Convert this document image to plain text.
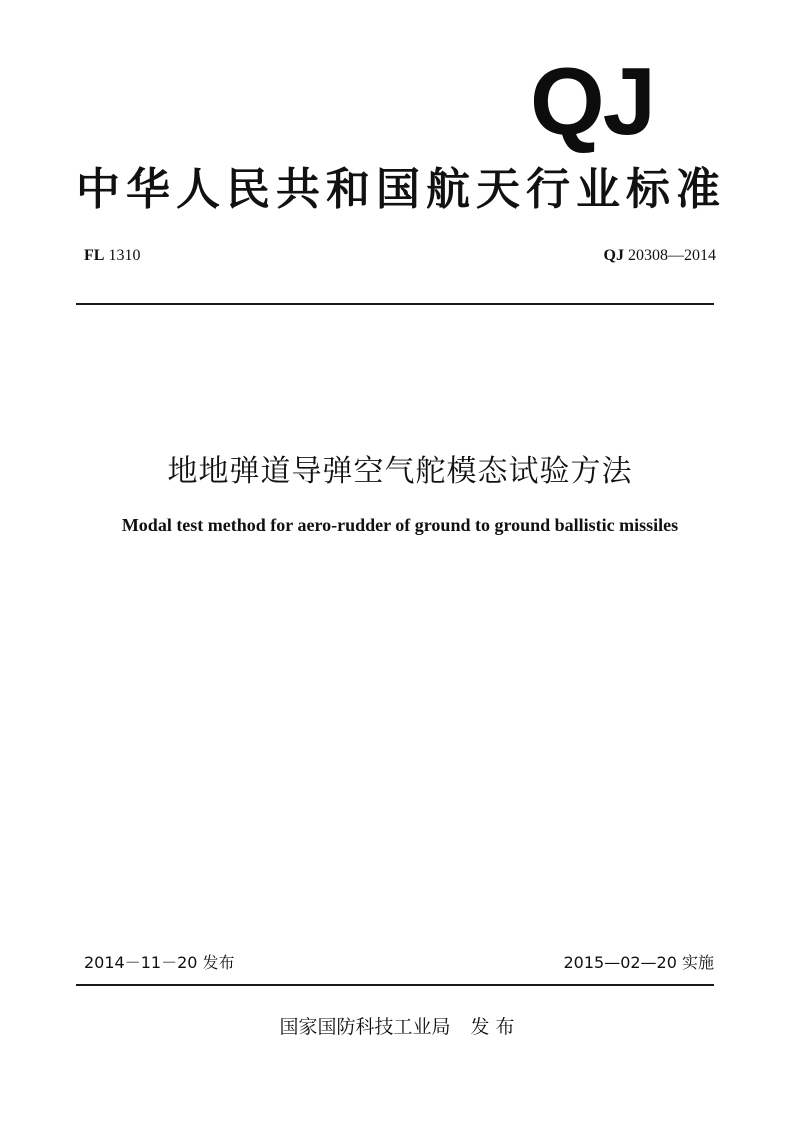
QJ
中华人民共和国航天行业标准
FL 1310	QJ 20308—2014
地地弹道导弹空气舵模态试验方法
Modal test method for aero-rudder of ground to ground ballistic missiles
2014－11－20 发布	2015—02—20 实施
国家国防科技工业局 发布
